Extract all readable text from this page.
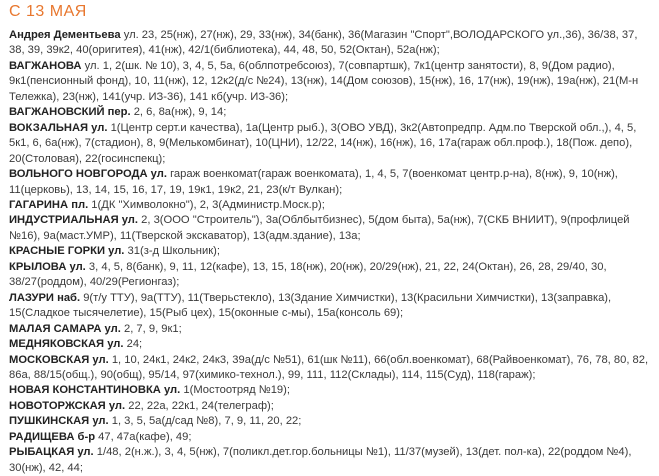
С 13 МАЯ

Андрея Дементьева ул. 23, 25(нж), 27(нж), 29, 33(нж), 34(банк), 36(Магазин "Спорт",ВОЛОДАРСКОГО ул.,36), 36/38, 37, 38, 39, 39к2, 40(оригитея), 41(нж), 42/1(библиотека), 44, 48, 50, 52(Октан), 52а(нж);

ВАГЖАНОВА ул. 1, 2(шк. № 10), 3, 4, 5, 5а, 6(облпотребсоюз), 7(совпартшк), 7к1(центр занятости), 8, 9(Дом радио), 9к1(пенсионный фонд), 10, 11(нж), 12, 12к2(д/с №24), 13(нж), 14(Дом союзов), 15(нж), 16, 17(нж), 19(нж), 19а(нж), 21(М-н Тележка), 23(нж), 141(учр. ИЗ-36), 141 кб(учр. ИЗ-36);

ВАГЖАНОВСКИЙ пер. 2, 6, 8а(нж), 9, 14;

ВОКЗАЛЬНАЯ ул. 1(Центр серт.и качества), 1а(Центр рыб.), 3(ОВО УВД), 3к2(Автопредпр. Адм.по Тверской обл.,), 4, 5, 5к1, 6, 6а(нж), 7(стадион), 8, 9(Мелькомбинат), 10(ЦНИ), 12/22, 14(нж), 16(нж), 16, 17а(гараж обл.проф.), 18(Пож. депо), 20(Столовая), 22(госинспекц);

ВОЛЬНОГО НОВГОРОДА ул. гараж военкомат(гараж военкомата), 1, 4, 5, 7(военкомат центр.р-на), 8(нж), 9, 10(нж), 11(церковь), 13, 14, 15, 16, 17, 19, 19к1, 19к2, 21, 23(к/т Вулкан);

ГАГАРИНА пл. 1(ДК "Химволокно"), 2, 3(Администр.Моск.р);

ИНДУСТРИАЛЬНАЯ ул. 2, 3(ООО "Строитель"), 3а(Облбытбизнес), 5(дом быта), 5а(нж), 7(СКБ ВНИИТ), 9(профлицей №16), 9а(маст.УМР), 11(Тверской экскаватор), 13(адм.здание), 13а;

КРАСНЫЕ ГОРКИ ул. 31(з-д Школьник);

КРЫЛОВА ул. 3, 4, 5, 8(банк), 9, 11, 12(кафе), 13, 15, 18(нж), 20(нж), 20/29(нж), 21, 22, 24(Октан), 26, 28, 29/40, 30, 38/27(роддом), 40/29(Регионгаз);

ЛАЗУРИ наб. 9(т/у ТТУ), 9а(ТТУ), 11(Тверьстекло), 13(Здание Химчистки), 13(Красильни Химчистки), 13(заправка), 15(Сладкое тысячелетие), 15(Рыб цех), 15(оконные с-мы), 15а(консоль 69);

МАЛАЯ САМАРА ул. 2, 7, 9, 9к1;

МЕДНЯКОВСКАЯ ул. 24;

МОСКОВСКАЯ ул. 1, 10, 24к1, 24к2, 24к3, 39а(д/с №51), 61(шк №11), 66(обл.военкомат), 68(Райвоенкомат), 76, 78, 80, 82, 86а, 88/15(общ.), 90(общ), 95/14, 97(химико-технол.), 99, 111, 112(Склады), 114, 115(Суд), 118(гараж);

НОВАЯ КОНСТАНТИНОВКА ул. 1(Мостоотряд №19);

НОВОТОРЖСКАЯ ул. 22, 22а, 22к1, 24(телеграф);

ПУШКИНСКАЯ ул. 1, 3, 5, 5а(д/сад №8), 7, 9, 11, 20, 22;

РАДИЩЕВА б-р 47, 47а(кафе), 49;

РЫБАЦКАЯ ул. 1/48, 2(н.ж.), 3, 4, 5(нж), 7(поликл.дет.гор.больницы №1), 11/37(музей), 13(дет. пол-ка), 22(роддом №4), 30(нж), 42, 44;
